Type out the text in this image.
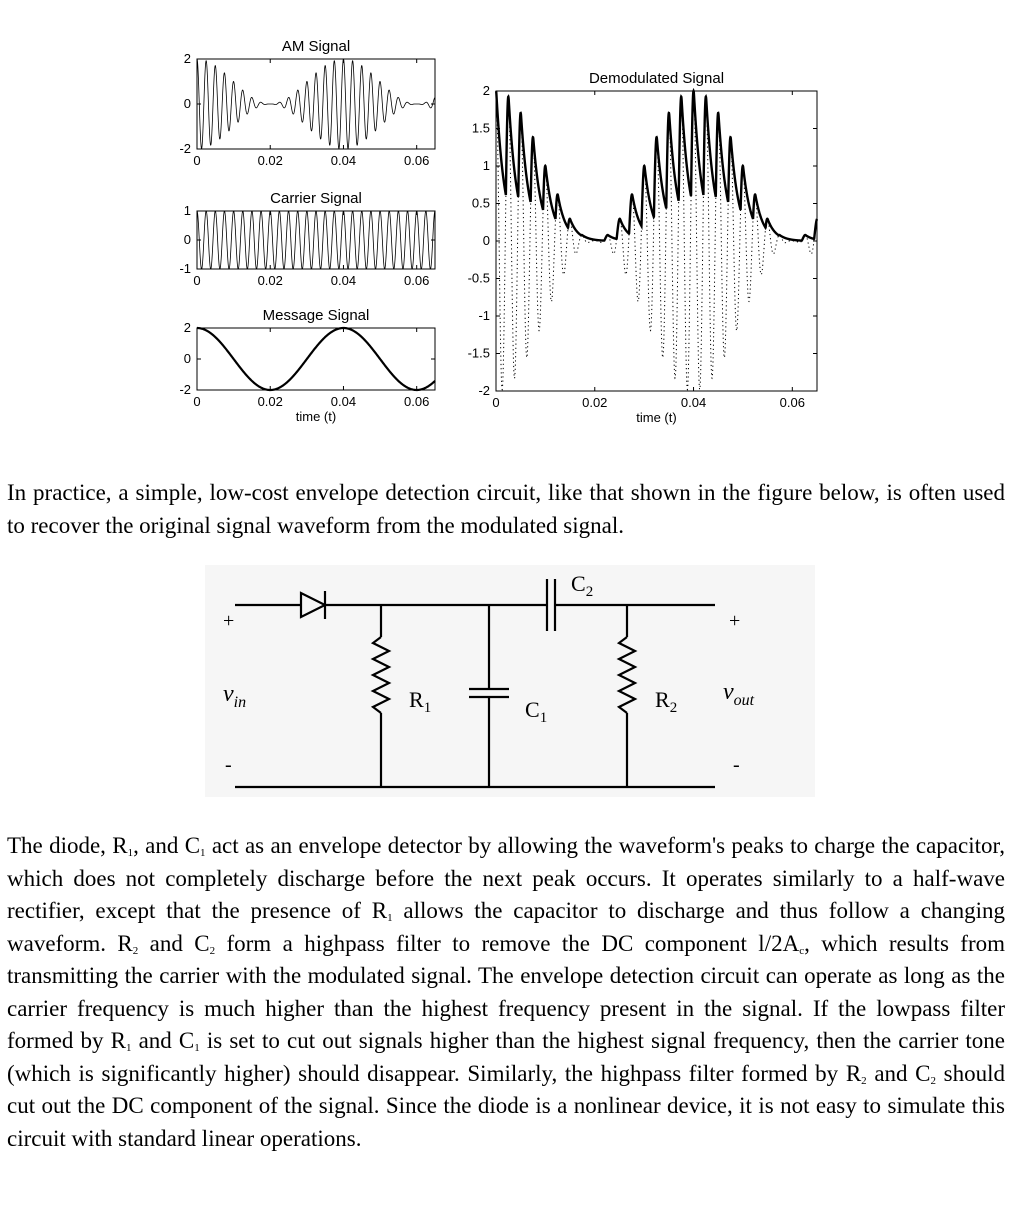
0	0.02	0.04	0.06
2
0
-2
AM Signal
0	0.02	0.04	0.06
1
0
-1
Carrier Signal
0	0.02	0.04	0.06
2
0
-2
Message Signal
time (t)
0	0.02	0.04	0.06
2
1.5
1
0.5
0
-0.5
-1
-1.5
-2
Demodulated Signal
time (t)
In practice, a simple, low-cost envelope detection circuit, like that shown in the figure below, is often used to recover the original signal waveform from the modulated signal.
$C_2$
$R_1$	$C_1$
$R_2$
$v_{in}$	$v_{out}$
+
-
+
-
The diode, $R_1$, and $C_1$ act as an envelope detector by allowing the waveform's peaks to charge the capacitor, which does not completely discharge before the next peak occurs. It operates similarly to a half-wave rectifier, except that the presence of $R_1$ allows the capacitor to discharge and thus follow a changing waveform. $R_2$ and $C_2$ form a highpass filter to remove the DC component $l/2A_c$, which results from transmitting the carrier with the modulated signal. The envelope detection circuit can operate as long as the carrier frequency is much higher than the highest frequency present in the signal. If the lowpass filter formed by $R_1$ and $C_1$ is set to cut out signals higher than the highest signal frequency, then the carrier tone (which is significantly higher) should disappear. Similarly, the highpass filter formed by $R_2$ and $C_2$ should cut out the DC component of the signal. Since the diode is a nonlinear device, it is not easy to simulate this circuit with standard linear operations.
